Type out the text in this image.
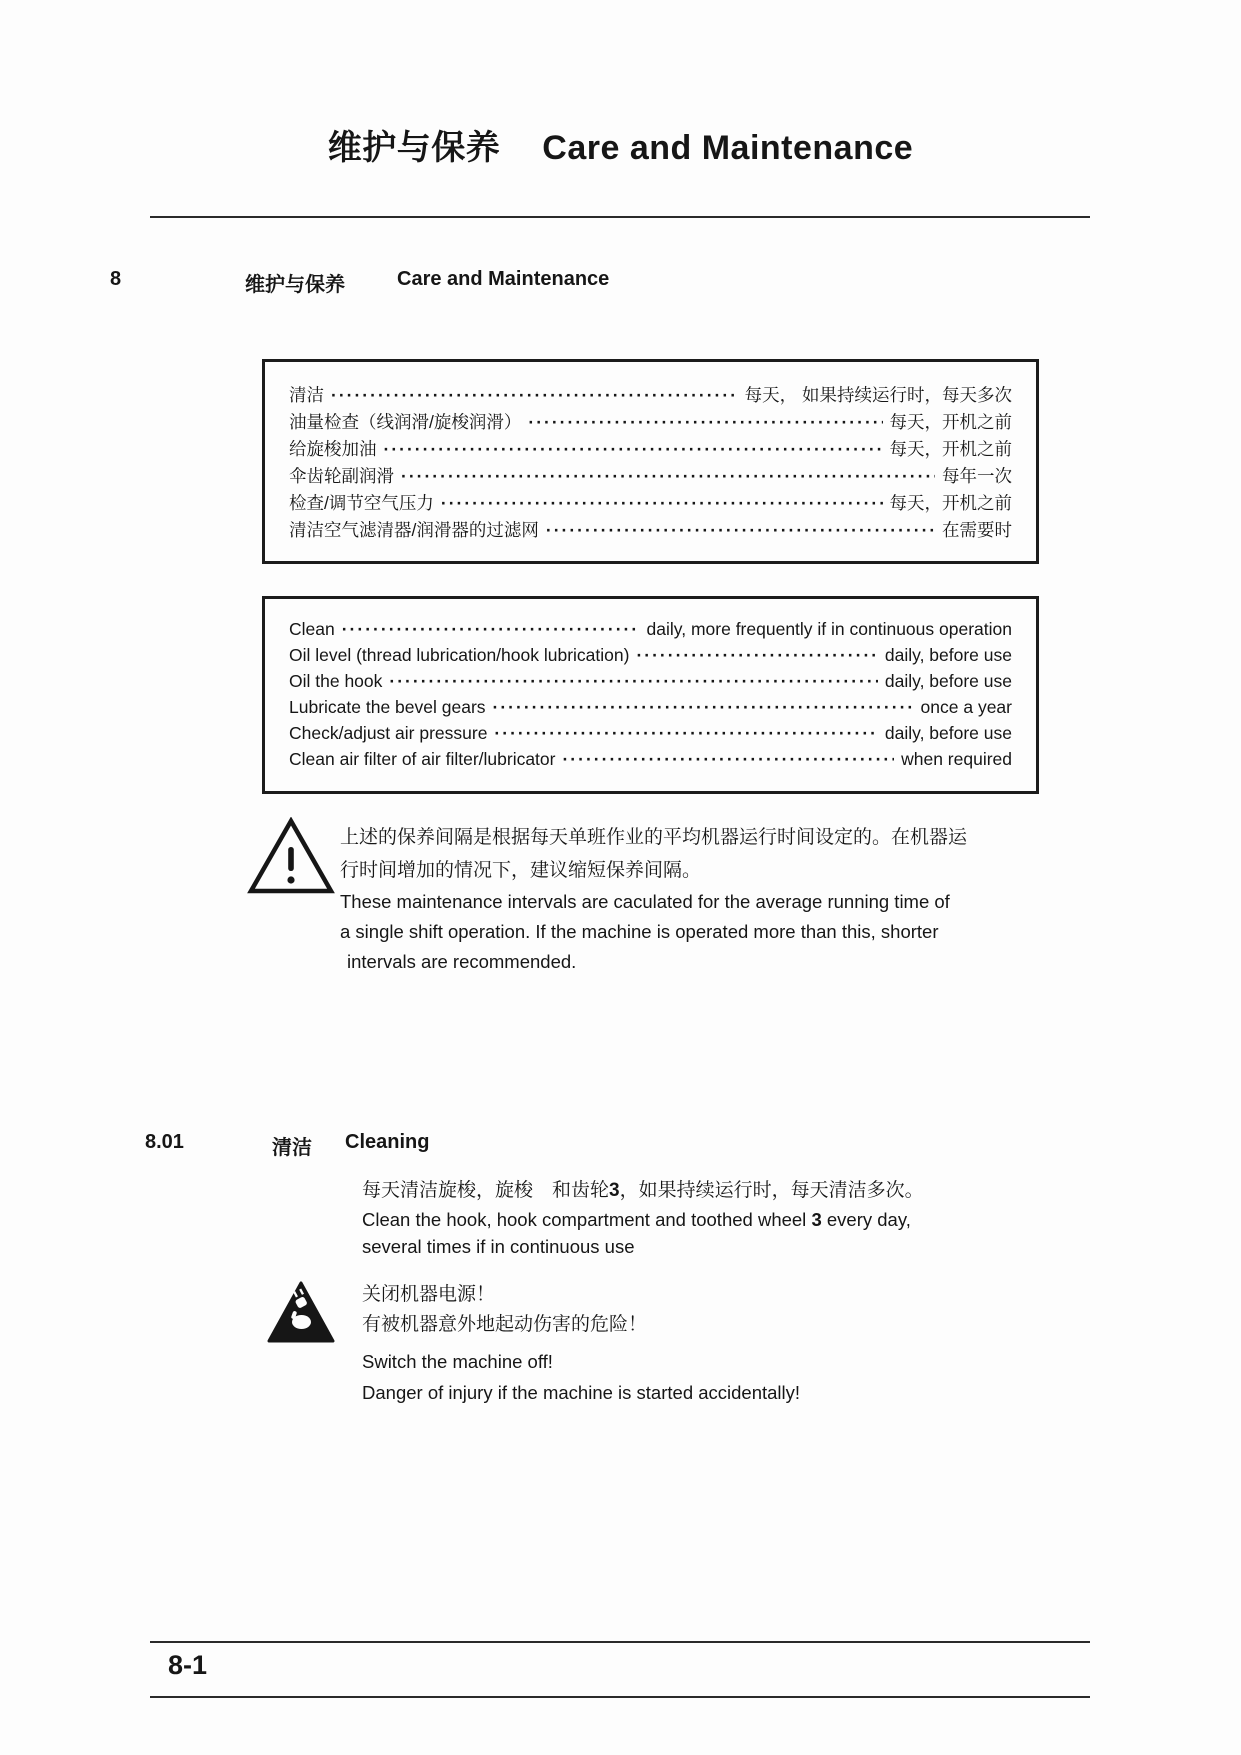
维护与保养 Care and Maintenance
8	维护与保养	Care and Maintenance
清洁 ·····	每天， 如果持续运行时，每天多次
油量检查（线润滑/旋梭润滑） ·····	每天，开机之前
给旋梭加油 ·····	每天，开机之前
伞齿轮副润滑 ·····	每年一次
检查/调节空气压力 ·····	每天，开机之前
清洁空气滤清器/润滑器的过滤网 ·····	在需要时
Clean ·····	daily, more frequently if in continuous operation
Oil level (thread lubrication/hook lubrication) ·····	daily, before use
Oil the hook ·····	daily, before use
Lubricate the bevel gears ·····	once a year
Check/adjust air pressure ·····	daily, before use
Clean air filter of air filter/lubricator ·····	when required
上述的保养间隔是根据每天单班作业的平均机器运行时间设定的。在机器运
行时间增加的情况下，建议缩短保养间隔。
These maintenance intervals are caculated for the average running time of
a single shift operation. If the machine is operated more than this, shorter
intervals are recommended.
8.01	清洁 Cleaning
每天清洁旋梭，旋梭　和齿轮3，如果持续运行时，每天清洁多次。
Clean the hook, hook compartment and toothed wheel 3 every day,
several times if in continuous use
关闭机器电源！
有被机器意外地起动伤害的危险！
Switch the machine off!
Danger of injury if the machine is started accidentally!
8-1
